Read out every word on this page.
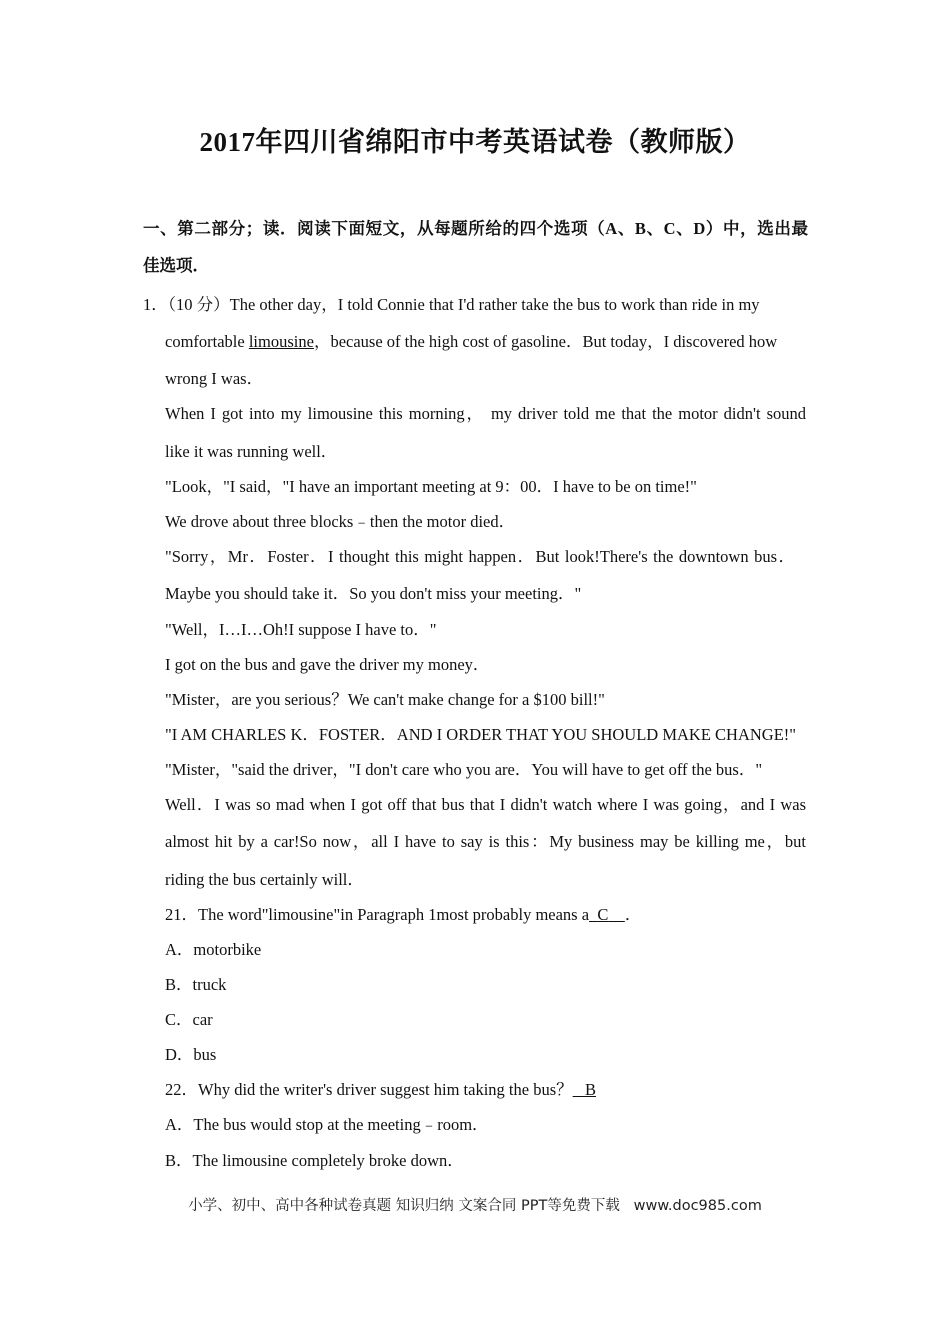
2017年四川省绵阳市中考英语试卷（教师版）
一、第二部分；读．阅读下面短文，从每题所给的四个选项（A、B、C、D）中，选出最
佳选项．
1．（10 分）The other day，I told Connie that I'd rather take the bus to work than ride in my
comfortable limousine，because of the high cost of gasoline．But today，I discovered how
wrong I was．
When I got into my limousine this morning， my driver told me that the motor didn't sound
like it was running well．
"Look，"I said，"I have an important meeting at 9：00．I have to be on time!"
We drove about three blocks﹣then the motor died．
"Sorry，Mr．Foster．I thought this might happen．But look!There's the downtown bus．
Maybe you should take it．So you don't miss your meeting．"
"Well，I…I…Oh!I suppose I have to．"
I got on the bus and gave the driver my money．
"Mister，are you serious？We can't make change for a $100 bill!"
"I AM CHARLES K．FOSTER．AND I ORDER THAT YOU SHOULD MAKE CHANGE!"
"Mister，"said the driver，"I don't care who you are．You will have to get off the bus．"
Well．I was so mad when I got off that bus that I didn't watch where I was going，and I was
almost hit by a car!So now，all I have to say is this：My business may be killing me，but
riding the bus certainly will．
21．The word"limousine"in Paragraph 1most probably means a C ．
A．motorbike
B．truck
C．car
D．bus
22．Why did the writer's driver suggest him taking the bus？ B
A．The bus would stop at the meeting﹣room．
B．The limousine completely broke down．
小学、初中、高中各种试卷真题 知识归纳 文案合同 PPT等免费下载 www.doc985.com
